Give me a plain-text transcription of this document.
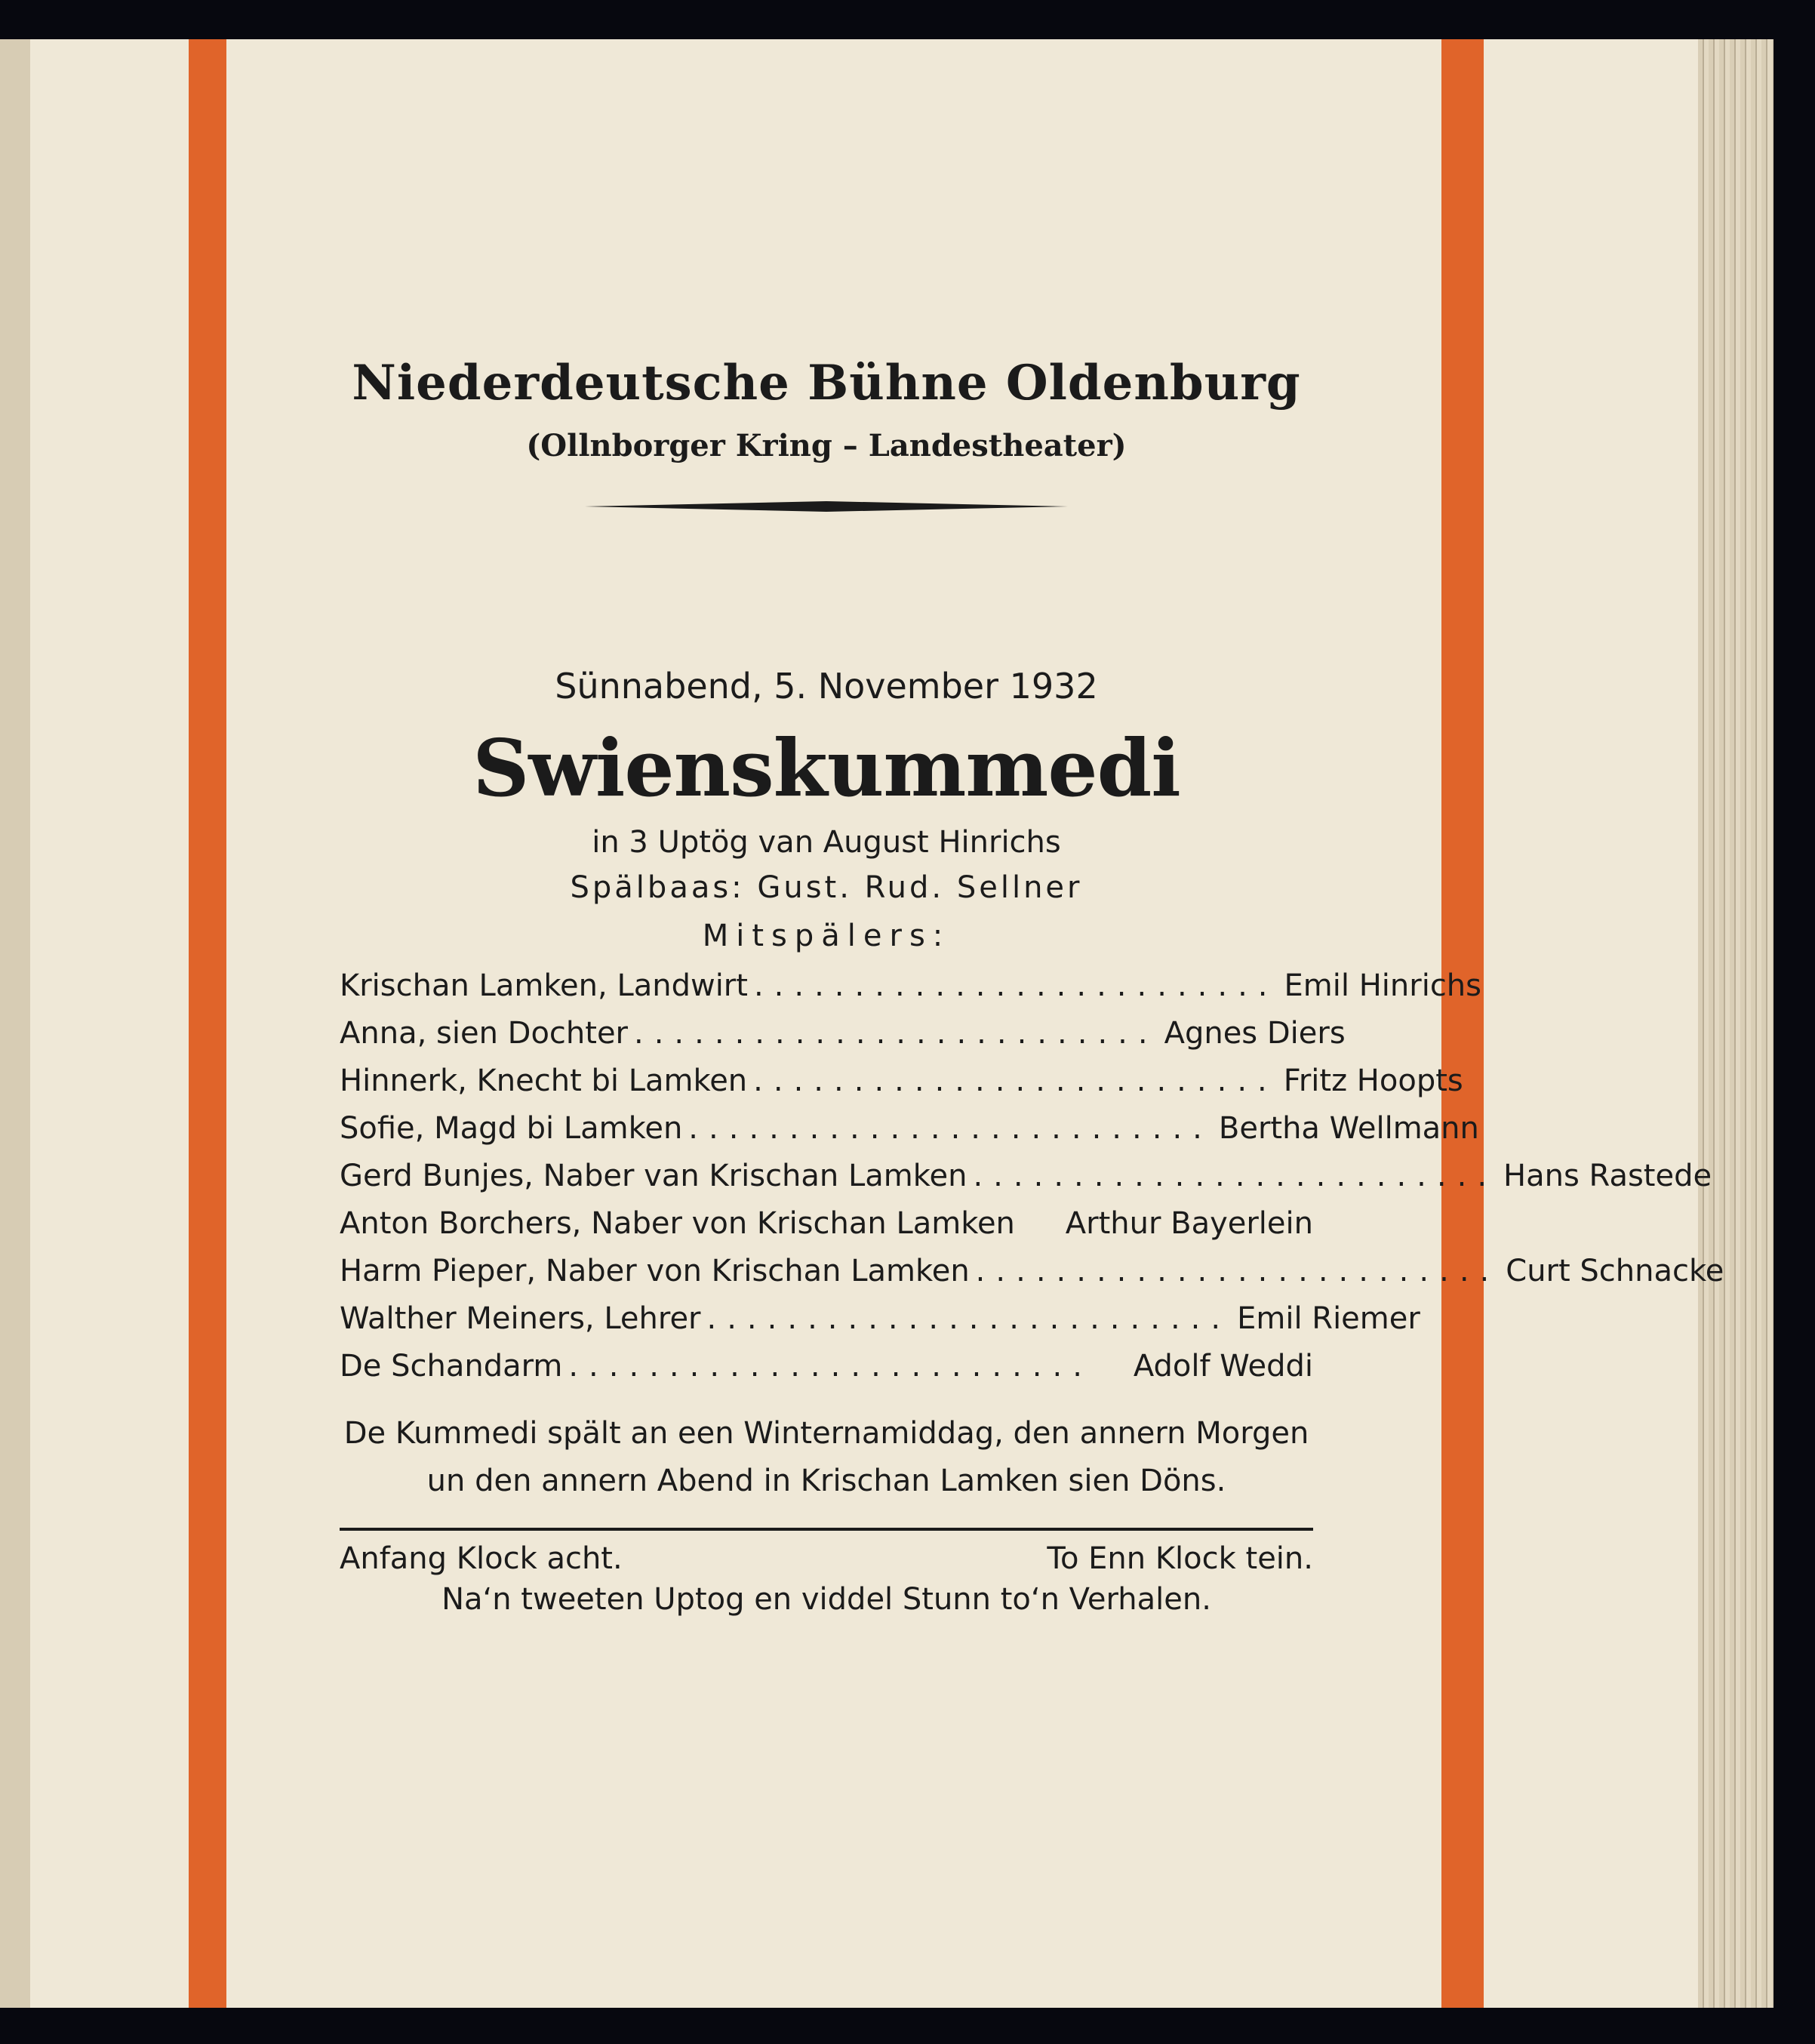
Niederdeutsche Bühne Oldenburg
(Ollnborger Kring – Landestheater)
Sünnabend, 5. November 1932
Swienskummedi
in 3 Uptög van August Hinrichs
Spälbaas: Gust. Rud. Sellner
Mitspälers:
Krischan Lamken, Landwirt .......................... Emil Hinrichs
Anna, sien Dochter .......................... Agnes Diers
Hinnerk, Knecht bi Lamken .......................... Fritz Hoopts
Sofie, Magd bi Lamken .......................... Bertha Wellmann
Gerd Bunjes, Naber van Krischan Lamken .......................... Hans Rastede
Anton Borchers, Naber von Krischan Lamken Arthur Bayerlein
Harm Pieper, Naber von Krischan Lamken .......................... Curt Schnacke
Walther Meiners, Lehrer .......................... Emil Riemer
De Schandarm ..........................	Adolf Weddi
De Kummedi spält an een Winternamiddag, den annern Morgen un den annern Abend in Krischan Lamken sien Döns.
Anfang Klock acht.	To Enn Klock tein.
Na‘n tweeten Uptog en viddel Stunn to‘n Verhalen.
